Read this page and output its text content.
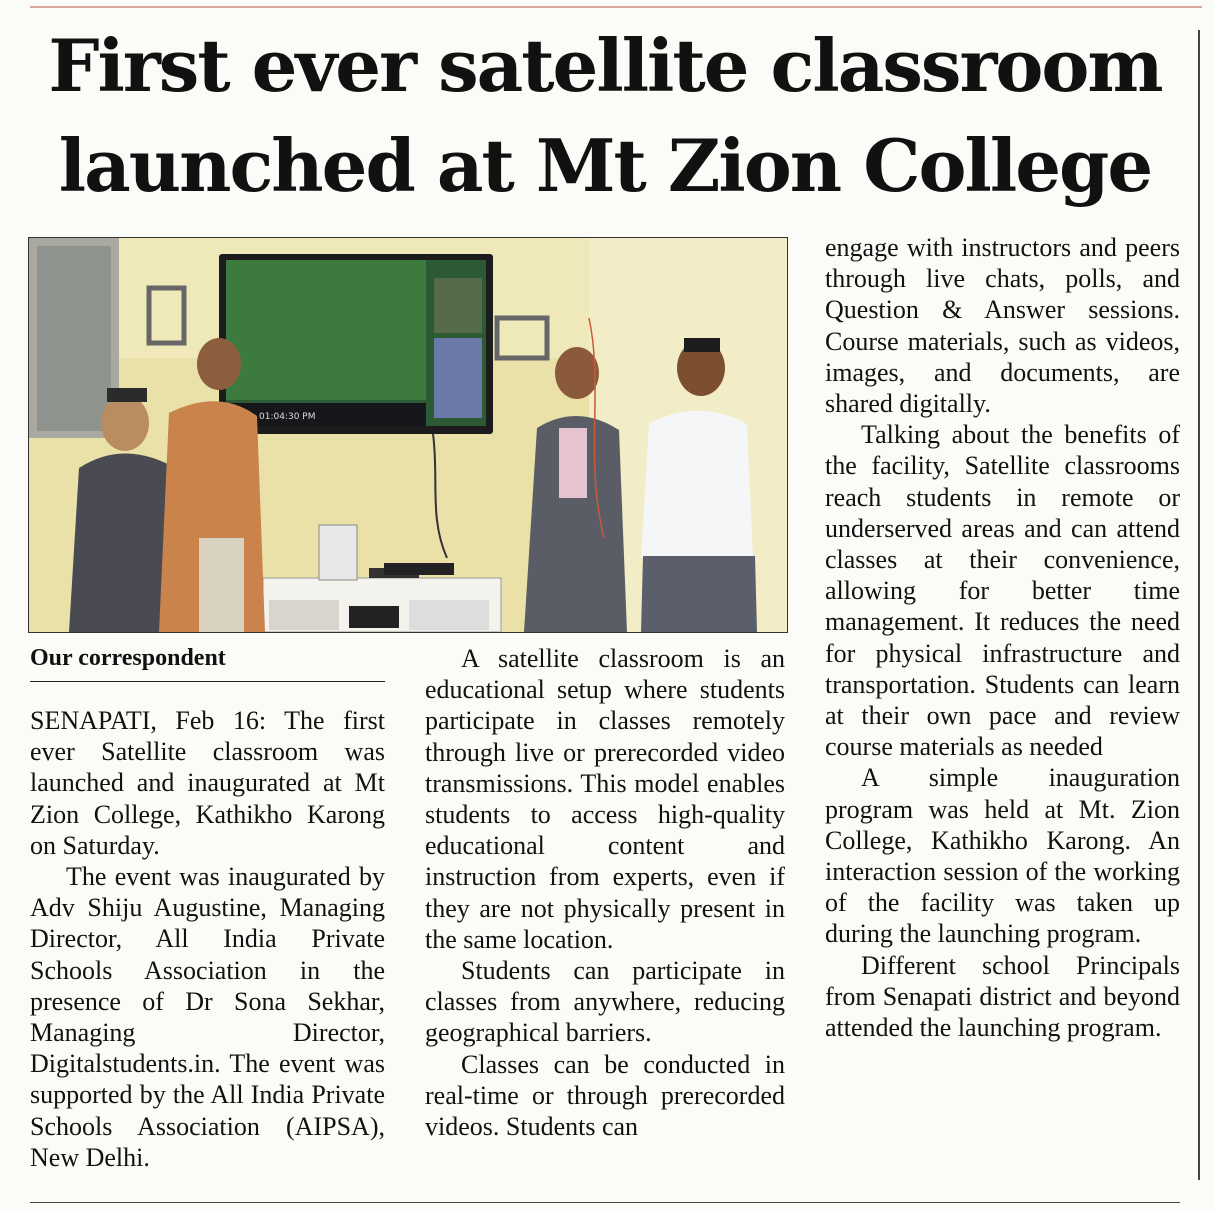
First ever satellite classroom
launched at Mt Zion College
01:04:30 PM
Our correspondent

SENAPATI, Feb 16: The first ever Satellite classroom was launched and inaugurated at Mt Zion College, Kathikho Karong on Saturday.

The event was inaugurated by Adv Shiju Augustine, Managing Director, All India Private Schools Association in the presence of Dr Sona Sekhar, Managing Director, Digitalstudents.in. The event was supported by the All India Private Schools Association (AIPSA), New Delhi.

A satellite classroom is an educational setup where students participate in classes remotely through live or prerecorded video transmissions. This model enables students to access high-quality educational content and instruction from experts, even if they are not physically present in the same location.

Students can participate in classes from anywhere, reducing geographical barriers.

Classes can be conducted in real-time or through prerecorded videos. Students can

engage with instructors and peers through live chats, polls, and Question & Answer sessions. Course materials, such as videos, images, and documents, are shared digitally.

Talking about the benefits of the facility, Satellite classrooms reach students in remote or underserved areas and can attend classes at their convenience, allowing for better time management. It reduces the need for physical infrastructure and transportation. Students can learn at their own pace and review course materials as needed

A simple inauguration program was held at Mt. Zion College, Kathikho Karong. An interaction session of the working of the facility was taken up during the launching program.

Different school Principals from Senapati district and beyond attended the launching program.
